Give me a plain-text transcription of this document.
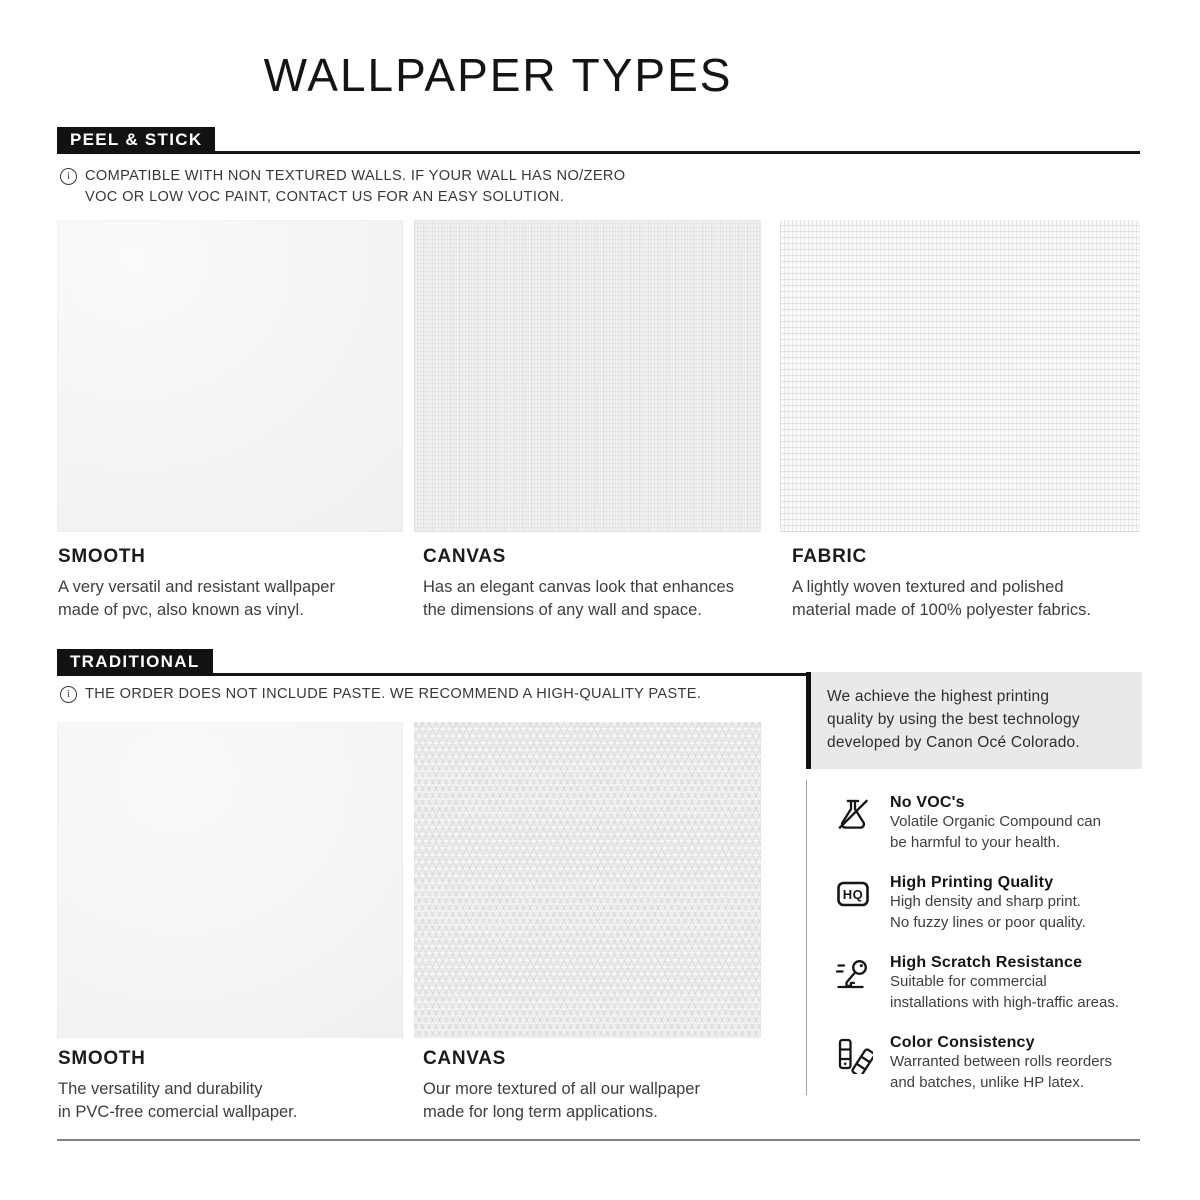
WALLPAPER TYPES
PEEL & STICK
i COMPATIBLE WITH NON TEXTURED WALLS. IF YOUR WALL HAS NO/ZERO
VOC OR LOW VOC PAINT, CONTACT US FOR AN EASY SOLUTION.
SMOOTH
A very versatil and resistant wallpaper
made of pvc, also known as vinyl.
CANVAS
Has an elegant canvas look that enhances
the dimensions of any wall and space.
FABRIC
A lightly woven textured and polished
material made of 100% polyester fabrics.
TRADITIONAL
i THE ORDER DOES NOT INCLUDE PASTE. WE RECOMMEND A HIGH-QUALITY PASTE.
SMOOTH
The versatility and durability
in PVC-free comercial wallpaper.
CANVAS
Our more textured of all our wallpaper
made for long term applications.
We achieve the highest printing
quality by using the best technology
developed by Canon Océ Colorado.
No VOC's
Volatile Organic Compound can
be harmful to your health.
HQ
High Printing Quality
High density and sharp print.
No fuzzy lines or poor quality.
High Scratch Resistance
Suitable for commercial
installations with high-traffic areas.
Color Consistency
Warranted between rolls reorders
and batches, unlike HP latex.
